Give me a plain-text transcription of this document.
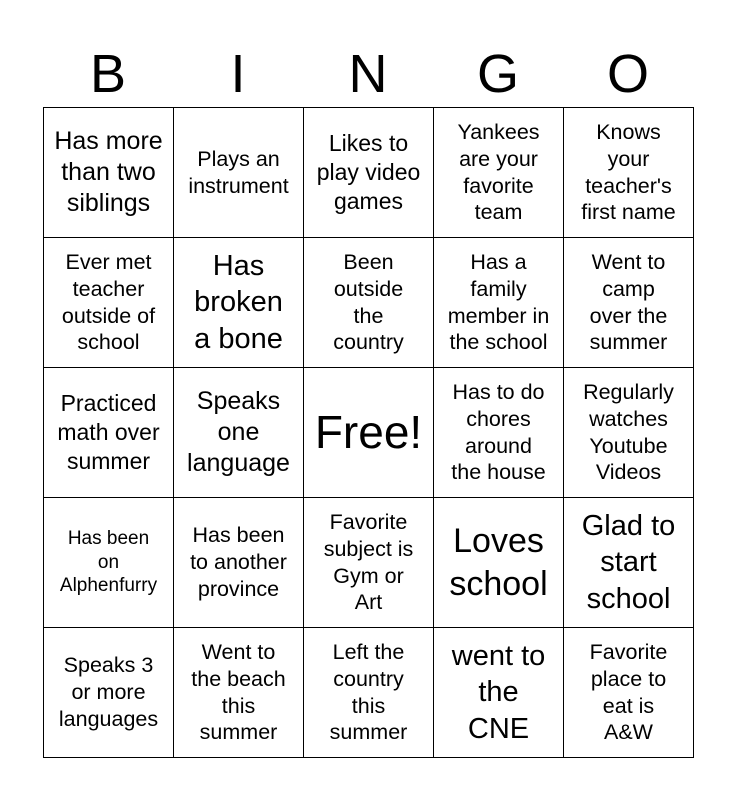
B	I	N	G	O
Has more
than two
siblings	Plays an
instrument	Likes to
play video
games	Yankees
are your
favorite
team	Knows
your
teacher's
first name

Ever met
teacher
outside of
school	Has
broken
a bone	Been
outside
the
country	Has a
family
member in
the school	Went to
camp
over the
summer

Practiced
math over
summer	Speaks
one
language	Free!	Has to do
chores
around
the house	Regularly
watches
Youtube
Videos

Has been
on
Alphenfurry	Has been
to another
province	Favorite
subject is
Gym or
Art	Loves
school	Glad to
start
school

Speaks 3
or more
languages	Went to
the beach
this
summer	Left the
country
this
summer	went to
the
CNE	Favorite
place to
eat is
A&W
